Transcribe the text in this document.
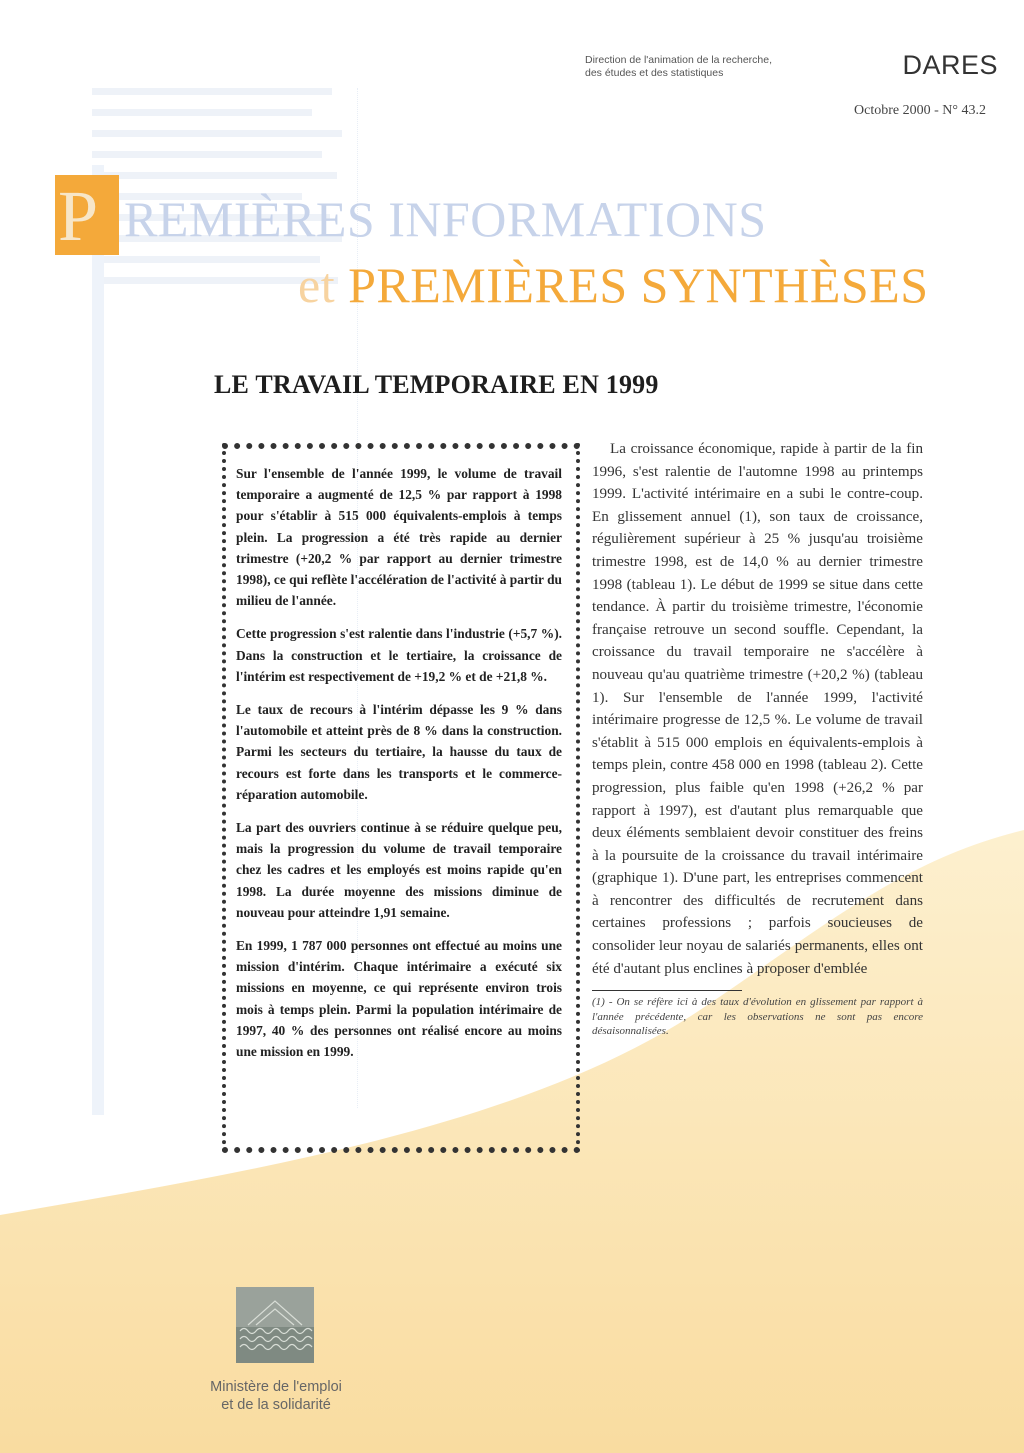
Direction de l'animation de la recherche,
des études et des statistiques	DARES
Octobre 2000 - N° 43.2
P REMIÈRES INFORMATIONS
et PREMIÈRES SYNTHÈSES
LE TRAVAIL TEMPORAIRE EN 1999

Sur l'ensemble de l'année 1999, le volume de travail temporaire a augmenté de 12,5 % par rapport à 1998 pour s'établir à 515 000 équivalents-emplois à temps plein. La progression a été très rapide au dernier trimestre (+20,2 % par rapport au dernier trimestre 1998), ce qui reflète l'accélération de l'activité à partir du milieu de l'année.

Cette progression s'est ralentie dans l'industrie (+5,7 %). Dans la construction et le tertiaire, la croissance de l'intérim est respectivement de +19,2 % et de +21,8 %.

Le taux de recours à l'intérim dépasse les 9 % dans l'automobile et atteint près de 8 % dans la construction. Parmi les secteurs du tertiaire, la hausse du taux de recours est forte dans les transports et le commerce-réparation automobile.

La part des ouvriers continue à se réduire quelque peu, mais la progression du volume de travail temporaire chez les cadres et les employés est moins rapide qu'en 1998. La durée moyenne des missions diminue de nouveau pour atteindre 1,91 semaine.

En 1999, 1 787 000 personnes ont effectué au moins une mission d'intérim. Chaque intérimaire a exécuté six missions en moyenne, ce qui représente environ trois mois à temps plein. Parmi la population intérimaire de 1997, 40 % des personnes ont réalisé encore au moins une mission en 1999.

La croissance économique, rapide à partir de la fin 1996, s'est ralentie de l'automne 1998 au printemps 1999. L'activité intérimaire en a subi le contre-coup. En glissement annuel (1), son taux de croissance, régulièrement supérieur à 25 % jusqu'au troisième trimestre 1998, est de 14,0 % au dernier trimestre 1998 (tableau 1). Le début de 1999 se situe dans cette tendance. À partir du troisième trimestre, l'économie française retrouve un second souffle. Cependant, la croissance du travail temporaire ne s'accélère à nouveau qu'au quatrième trimestre (+20,2 %) (tableau 1). Sur l'ensemble de l'année 1999, l'activité intérimaire progresse de 12,5 %. Le volume de travail s'établit à 515 000 emplois en équivalents-emplois à temps plein, contre 458 000 en 1998 (tableau 2). Cette progression, plus faible qu'en 1998 (+26,2 % par rapport à 1997), est d'autant plus remarquable que deux éléments semblaient devoir constituer des freins à la poursuite de la croissance du travail intérimaire (graphique 1). D'une part, les entreprises commencent à rencontrer des difficultés de recrutement dans certaines professions ; parfois soucieuses de consolider leur noyau de salariés permanents, elles ont été d'autant plus enclines à proposer d'emblée

(1) - On se réfère ici à des taux d'évolution en glissement par rapport à l'année précédente, car les observations ne sont pas encore désaisonnalisées.

Ministère de l'emploi
et de la solidarité
